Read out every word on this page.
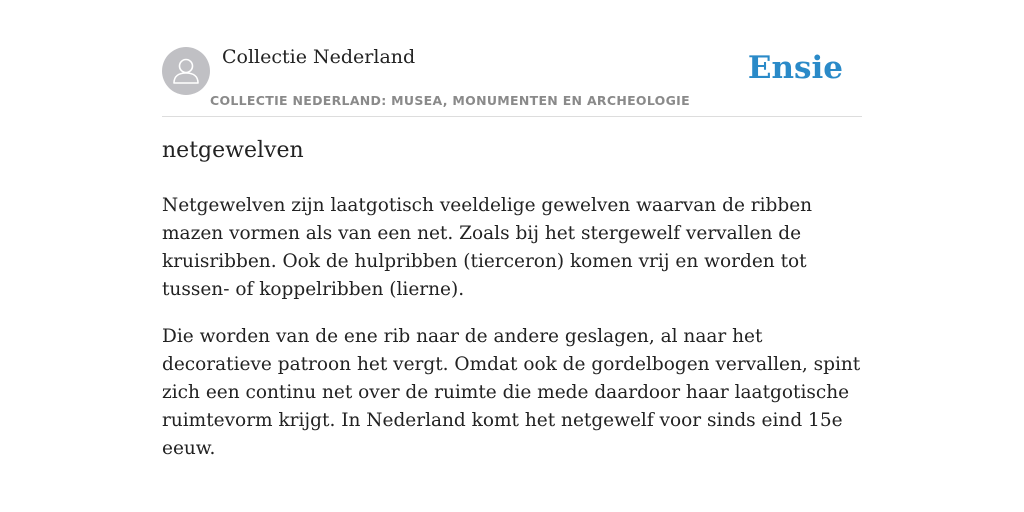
Collectie Nederland
COLLECTIE NEDERLAND: MUSEA, MONUMENTEN EN ARCHEOLOGIE
Ensie
netgewelven

Netgewelven zijn laatgotisch veeldelige gewelven waarvan de ribben mazen vormen als van een net. Zoals bij het stergewelf vervallen de kruisribben. Ook de hulpribben (tierceron) komen vrij en worden tot tussen- of koppelribben (lierne).

Die worden van de ene rib naar de andere geslagen, al naar het decoratieve patroon het vergt. Omdat ook de gordelbogen vervallen, spint zich een continu net over de ruimte die mede daardoor haar laatgotische ruimtevorm krijgt. In Nederland komt het netgewelf voor sinds eind 15e eeuw.
